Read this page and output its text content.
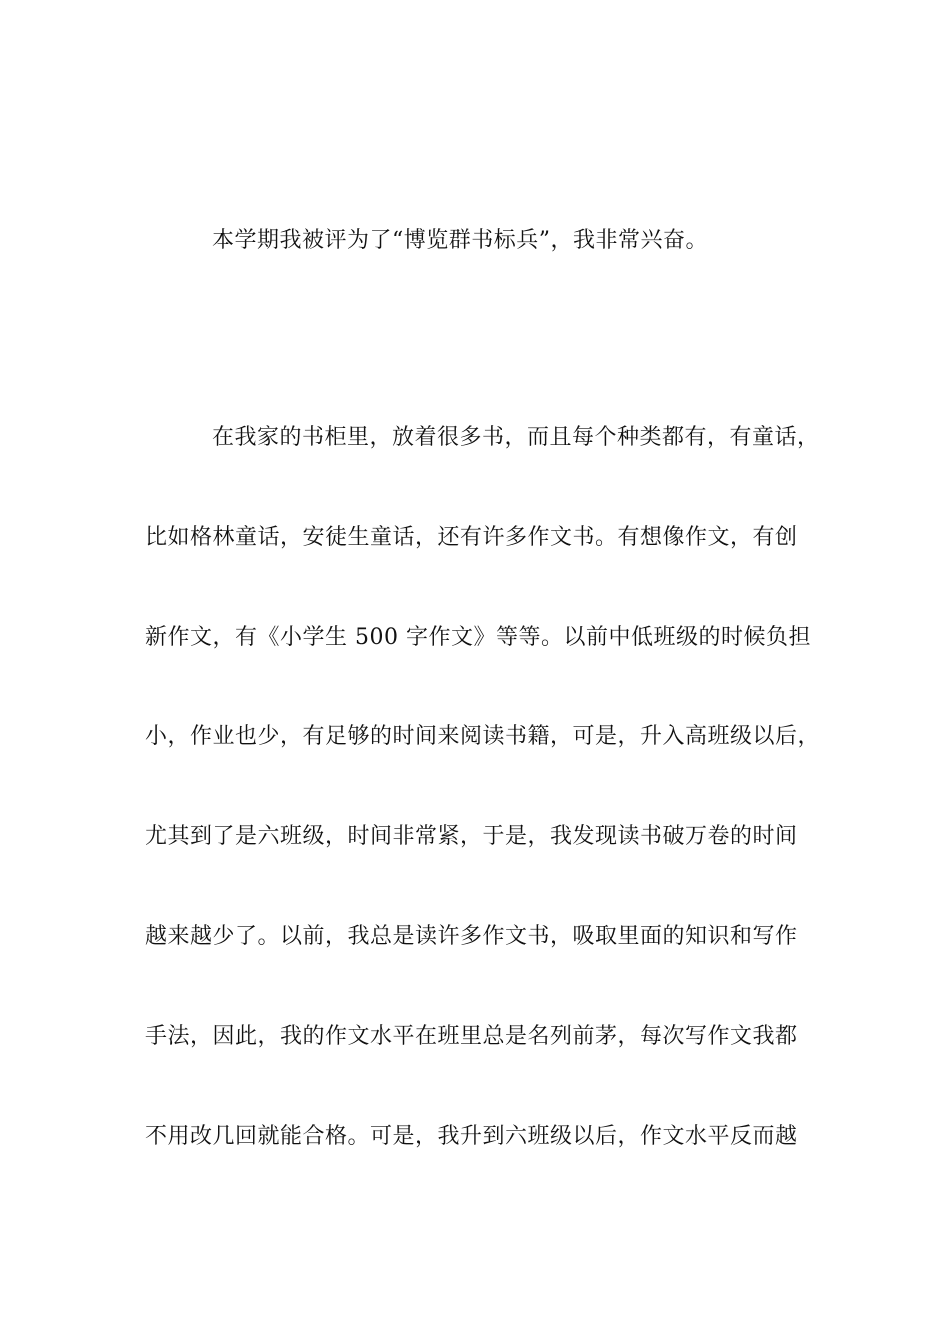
本学期我被评为了“博览群书标兵”，我非常兴奋。
在我家的书柜里，放着很多书，而且每个种类都有，有童话，
比如格林童话，安徒生童话，还有许多作文书。有想像作文，有创
新作文，有《小学生 500 字作文》等等。以前中低班级的时候负担
小，作业也少，有足够的时间来阅读书籍，可是，升入高班级以后，
尤其到了是六班级，时间非常紧，于是，我发现读书破万卷的时间
越来越少了。以前，我总是读许多作文书，吸取里面的知识和写作
手法，因此，我的作文水平在班里总是名列前茅，每次写作文我都
不用改几回就能合格。可是，我升到六班级以后，作文水平反而越
